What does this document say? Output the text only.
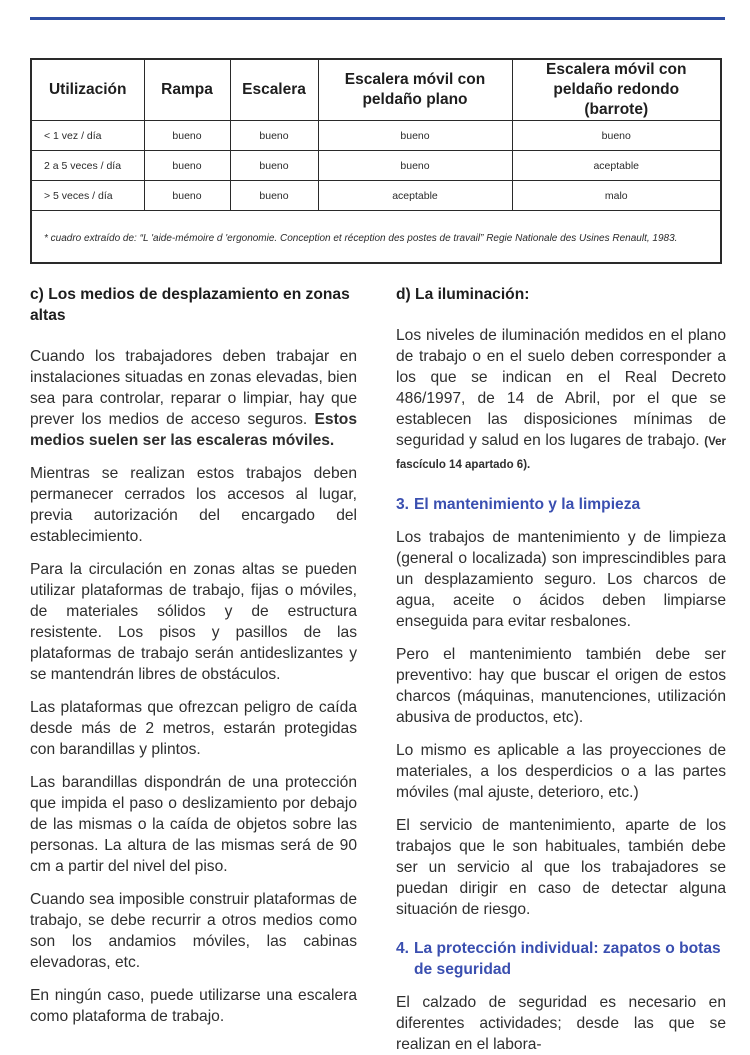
Utilización	Rampa	Escalera	Escalera móvil con peldaño plano	Escalera móvil con peldaño redondo (barrote)
< 1 vez / día	bueno	bueno	bueno	bueno
2 a 5 veces / día	bueno	bueno	bueno	aceptable
> 5 veces / día	bueno	bueno	aceptable	malo
* cuadro extraído de: “L 'aide-mémoire d 'ergonomie. Conception et réception des postes de travail” Regie Nationale des Usines Renault, 1983.
c) Los medios de desplazamiento en zonas altas

Cuando los trabajadores deben trabajar en instalaciones situadas en zonas elevadas, bien sea para controlar, reparar o limpiar, hay que prever los medios de acceso seguros. Estos medios suelen ser las escaleras móviles.

Mientras se realizan estos trabajos deben permanecer cerrados los accesos al lugar, previa autorización del encargado del establecimiento.

Para la circulación en zonas altas se pueden utilizar plataformas de trabajo, fijas o móviles, de materiales sólidos y de estructura resistente. Los pisos y pasillos de las plataformas de trabajo serán antideslizantes y se mantendrán libres de obstáculos.

Las plataformas que ofrezcan peligro de caída desde más de 2 metros, estarán protegidas con barandillas y plintos.

Las barandillas dispondrán de una protección que impida el paso o deslizamiento por debajo de las mismas o la caída de objetos sobre las personas. La altura de las mismas será de 90 cm a partir del nivel del piso.

Cuando sea imposible construir plataformas de trabajo, se debe recurrir a otros medios como son los andamios móviles, las cabinas elevadoras, etc.

En ningún caso, puede utilizarse una escalera como plataforma de trabajo.

d) La iluminación:

Los niveles de iluminación medidos en el plano de trabajo o en el suelo deben corresponder a los que se indican en el Real Decreto 486/1997, de 14 de Abril, por el que se establecen las disposiciones mínimas de seguridad y salud en los lugares de trabajo. (Ver fascículo 14 apartado 6).

3. El mantenimiento y la limpieza

Los trabajos de mantenimiento y de limpieza (general o localizada) son imprescindibles para un desplazamiento seguro. Los charcos de agua, aceite o ácidos deben limpiarse enseguida para evitar resbalones.

Pero el mantenimiento también debe ser preventivo: hay que buscar el origen de estos charcos (máquinas, manutenciones, utilización abusiva de productos, etc).

Lo mismo es aplicable a las proyecciones de materiales, a los desperdicios o a las partes móviles (mal ajuste, deterioro, etc.)

El servicio de mantenimiento, aparte de los trabajos que le son habituales, también debe ser un servicio al que los trabajadores se puedan dirigir en caso de detectar alguna situación de riesgo.

4. La protección individual: zapatos o botas de seguridad

El calzado de seguridad es necesario en diferentes actividades; desde las que se realizan en el labora-
